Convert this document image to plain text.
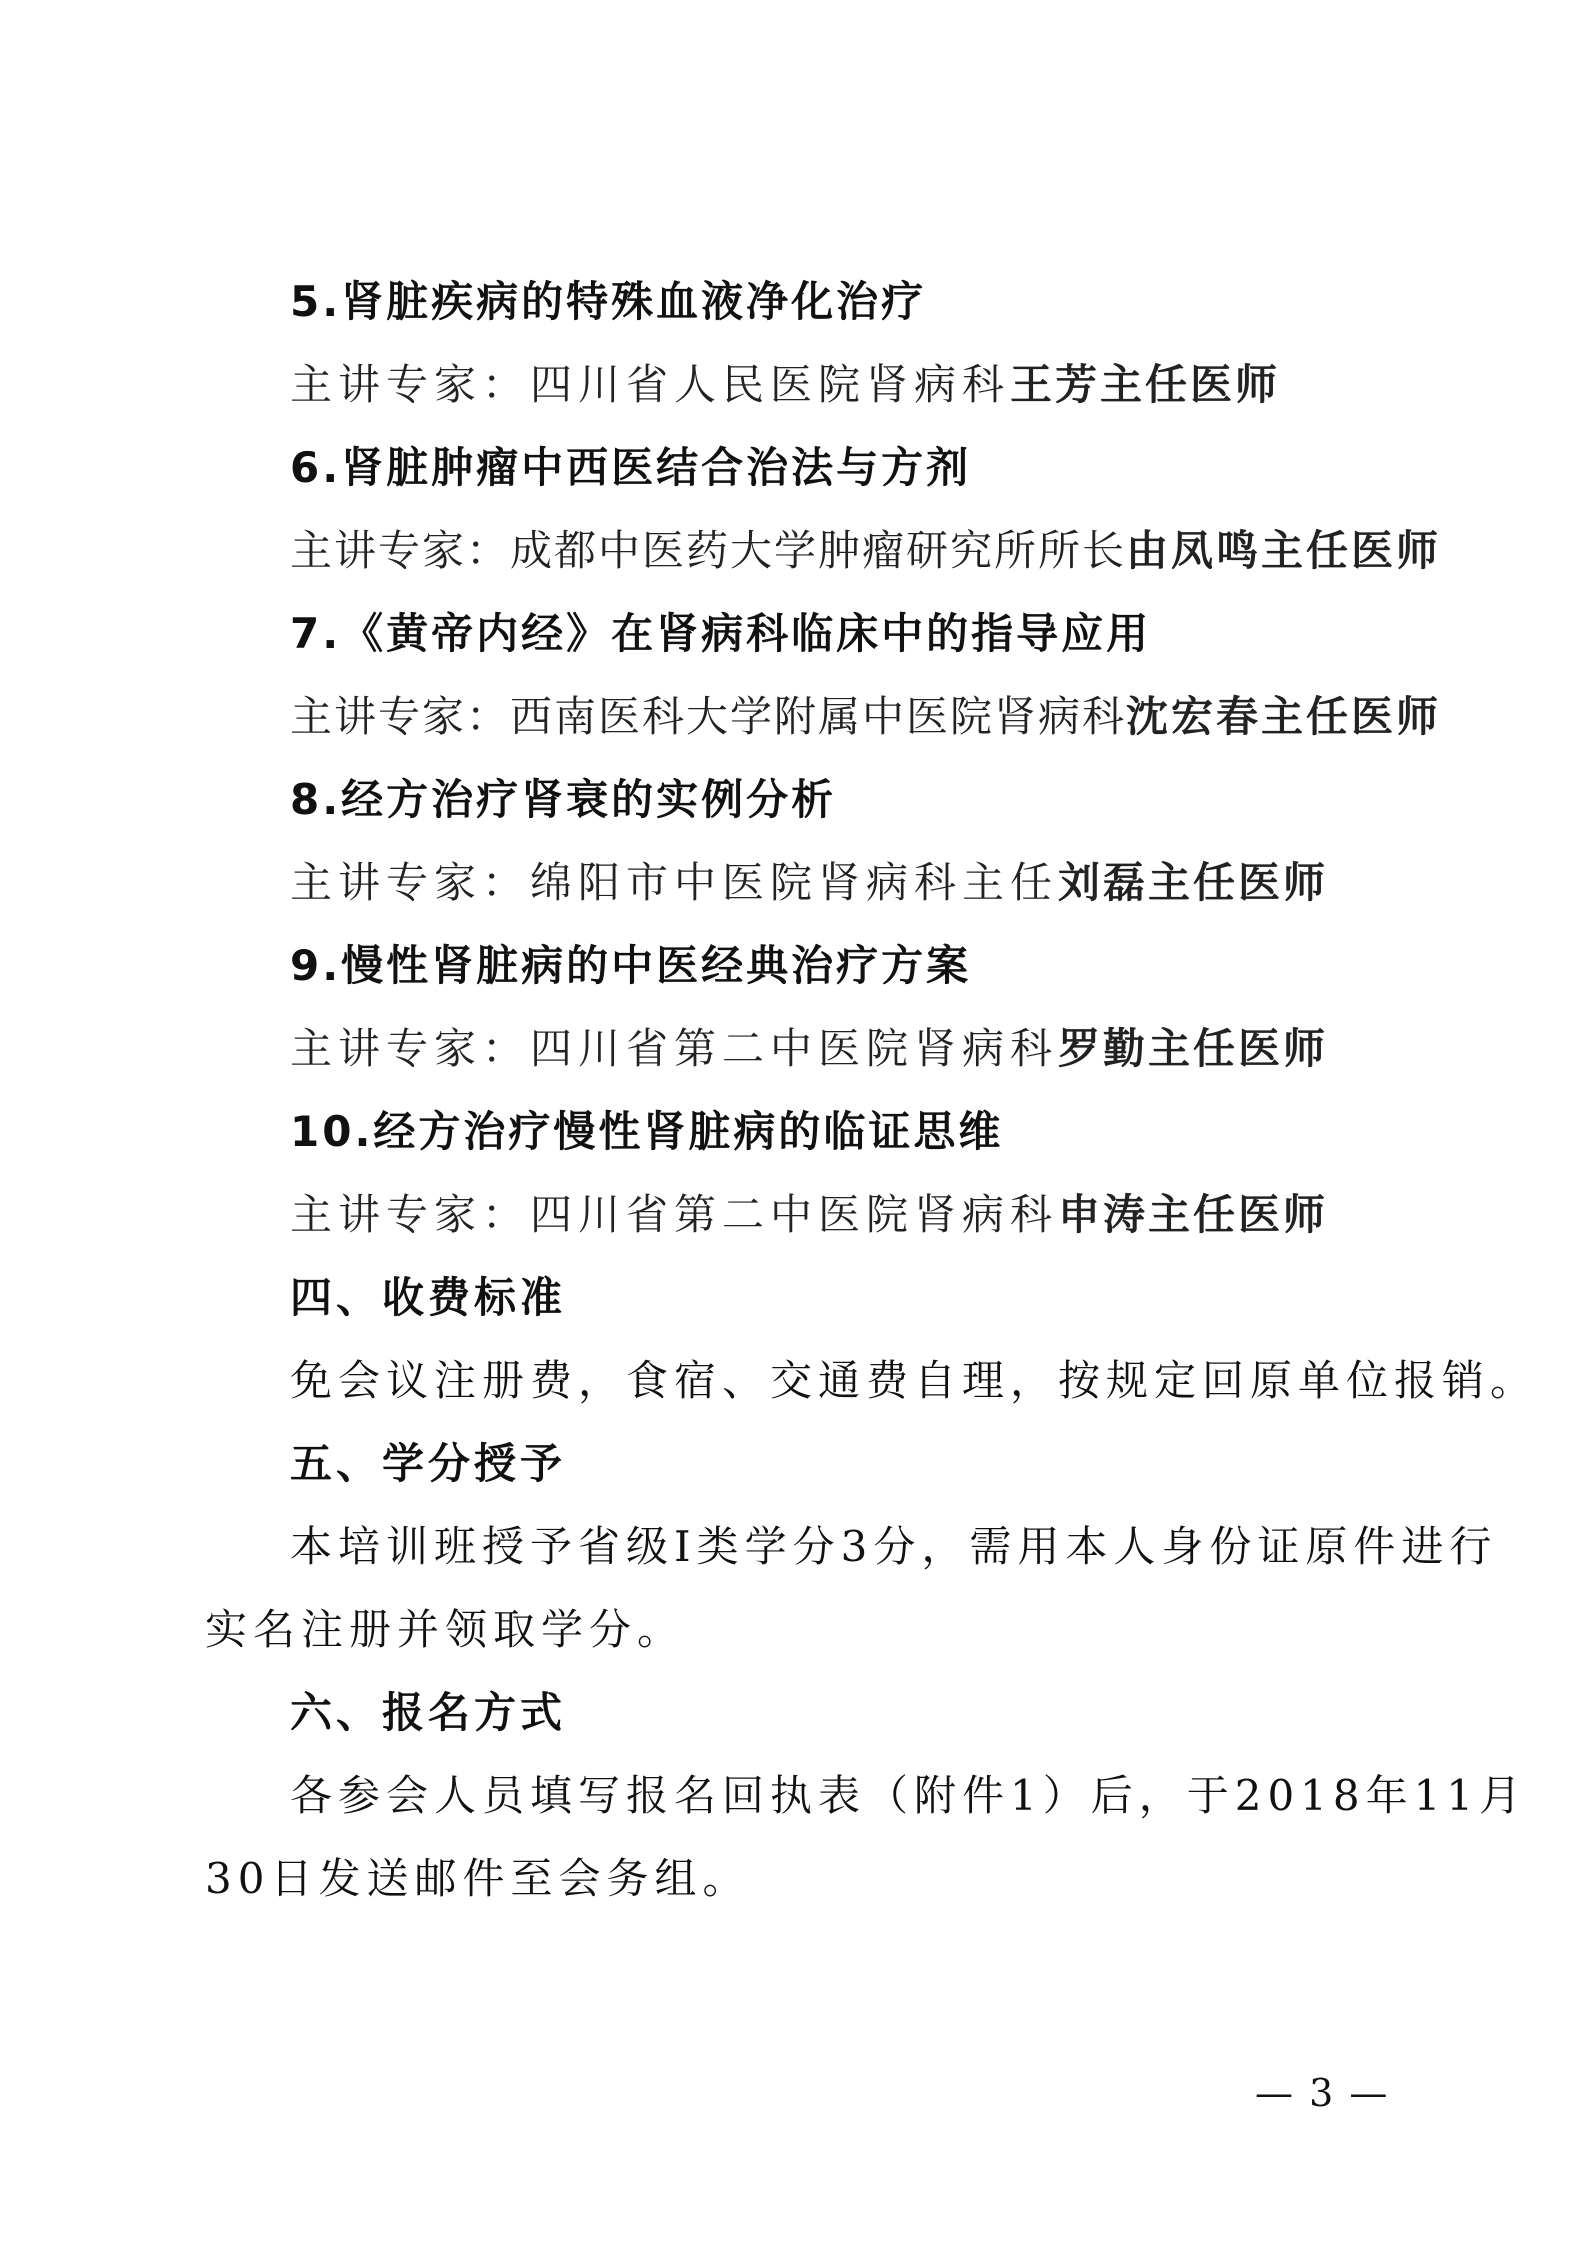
5.肾脏疾病的特殊血液净化治疗
主讲专家：四川省人民医院肾病科王芳主任医师
6.肾脏肿瘤中西医结合治法与方剂
主讲专家：成都中医药大学肿瘤研究所所长由凤鸣主任医师
7.《黄帝内经》在肾病科临床中的指导应用
主讲专家：西南医科大学附属中医院肾病科沈宏春主任医师
8.经方治疗肾衰的实例分析
主讲专家：绵阳市中医院肾病科主任刘磊主任医师
9.慢性肾脏病的中医经典治疗方案
主讲专家：四川省第二中医院肾病科罗勤主任医师
10.经方治疗慢性肾脏病的临证思维
主讲专家：四川省第二中医院肾病科申涛主任医师
四、收费标准
免会议注册费，食宿、交通费自理，按规定回原单位报销。
五、学分授予
本培训班授予省级Ⅰ类学分3分，需用本人身份证原件进行
实名注册并领取学分。
六、报名方式
各参会人员填写报名回执表（附件1）后，于2018年11月
30日发送邮件至会务组。
— 3 —
